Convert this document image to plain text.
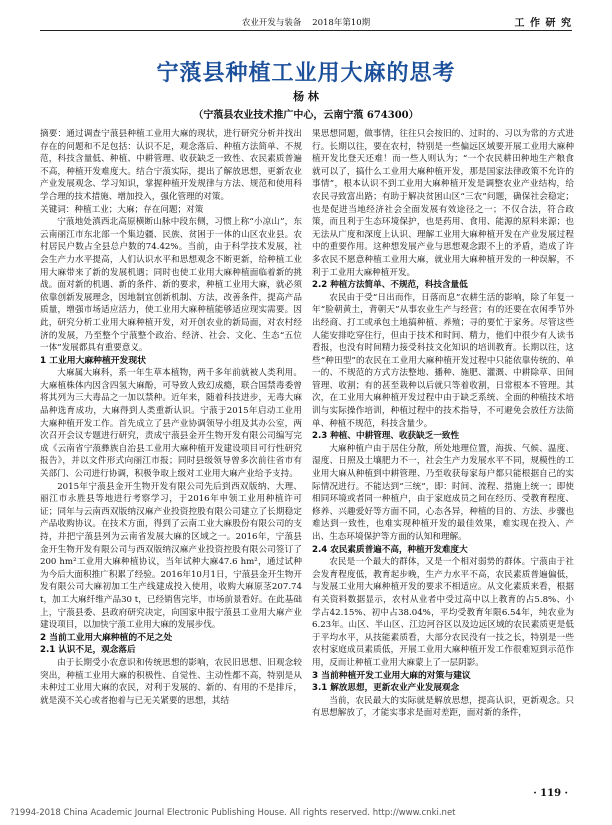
农业开发与装备 2018年第10期	工 作 研 究
宁蒗县种植工业用大麻的思考
杨 林
（宁蒗县农业技术推广中心，云南宁蒗 674300）

摘要：通过调查宁蒗县种植工业用大麻的现状，进行研究分析并找出存在的问题和不足包括：认识不足，观念落后、种植方法简单、不规范，科技含量低、种植、中耕管理、收获缺乏一致性、农民素质普遍不高，种植开发难度大。结合宁蒗实际，提出了解放思想，更新农业产业发展观念、学习知识，掌握种植开发规律与方法、规范和使用科学合理的技术措施、增加投入，强化管理的对策。

关键词：种植工业；大麻；存在问题；对策

宁蒗地处滇西北高原横断山脉中段东侧，习惯上称“小凉山”，东云南丽江市东北部一个集边疆、民族、贫困于一体的山区农业县。农村居民户数占全县总户数的74.42%。当前，由于科学技术发展，社会生产力水平提高，人们认识水平和思想观念不断更新，给种植工业用大麻带来了新的发展机遇；同时也使工业用大麻种植面临着新的挑战。面对新的机遇、新的条件、新的要求，种植工业用大麻，就必须依靠创新发展理念，因地制宜创新机制、方法，改善条件，提高产品质量，增强市场适应活力，使工业用大麻种植能够适应现实需要。因此，研究分析工业用大麻种植开发，对开创农业的新局面，对农村经济的发展，乃至整个宁蒗整个政治、经济、社会、文化、生态“五位一体”发展都具有重要意义。

1 工业用大麻种植开发现状

大麻属大麻科，系一年生草本植物，两千多年前就被人类利用。大麻植株体内因含四氢大麻酚，可导致人致幻成瘾，联合国禁毒委曾将其列为三大毒品之一加以禁种。近年来，随着科技进步，无毒大麻品种选育成功，大麻得到人类重新认识。宁蒗于2015年启动工业用大麻种植开发工作。首先成立了县产业协调领导小组及其办公室，两次召开会议专题进行研究，责成宁蒗县金开生物开发有限公司编写完成《云南省宁蒗彝族自治县工业用大麻种植开发建设项目可行性研究报告》，并以文件形式向丽江市报；同时县级领导曾多次前往省市有关部门、公司进行协调，积极争取上级对工业用大麻产业给予支持。

2015年宁蒗县金开生物开发有限公司先后到西双版纳、大理、丽江市永胜县等地进行考察学习，于2016年申领工业用种植许可证；同年与云南西双版纳汉麻产业投资控股有限公司建立了长期稳定产品收购协议。在技术方面，得到了云南工业大麻股份有限公司的支持，并把宁蒗县列为云南省发展大麻的区域之一。2016年，宁蒗县金开生物开发有限公司与西双版纳汉麻产业投资控股有限公司签订了200 hm²工业用大麻种植协议，当年试种大麻47.6 hm²，通过试种为今后大面积推广积累了经验。2016年10月1日，宁蒗县金开生物开发有限公司大麻初加工生产线建成投入使用，收购大麻原茎207.74 t，加工大麻纤维产品30 t，已经销售完毕，市场前景看好。在此基础上，宁蒗县委、县政府研究决定，向国家申报宁蒗县工业用大麻产业建设项目，以加快宁蒗工业用大麻的发展步伐。

2 当前工业用大麻种植的不足之处

2.1 认识不足，观念落后

由于长期受小农意识和传统思想的影响，农民旧思想、旧观念较突出，种植工业用大麻的积极性、自觉性、主动性都不高，特别是从未种过工业用大麻的农民，对利于发展的、新的、有用的不是排斥，就是漠不关心或者抱着与已无关紧要的思想，其结

果思想同题，做事情，往往只会按旧的、过时的、习以为常的方式进行。长期以往，要在农村，特别是一些偏远区域要开展工业用大麻种植开发比登天还难！而一些人则认为；“一个农民耕田种地生产粮食就可以了，搞什么工业用大麻种植开发，那是国家法律政策不允许的事情”，根本认识不到工业用大麻种植开发是调整农业产业结构，给农民寻致富出路；有助于解决贫困山区“三农”问题，确保社会稳定；也是促进当地经济社会全面发展有效途径之一；不仅合法，符合政策，而且利于生态环境保护，也是药用、食用、能源的原料来源；也无法从广度和深度上认识、理解工业用大麻种植开发在产业发展过程中的重要作用。这种想发展产业与思想观念跟不上的矛盾，造成了许多农民不愿意种植工业用大麻，就业用大麻种植开发的一种误解，不利于工业用大麻种植开发。

2.2 种植方法简单、不规范，科技含量低

农民由于受“日出而作，日落而息”农耕生活的影响，除了年复一年“脸朝黄土，背朝天”从事农业生产与经营；有的还要在农闲季节外出经商、打工或承包土地搞种植、养殖；寻的要忙于家务。尽管这些人能安排吃穿住行，但由于技术和时间、精力，他们中很少有人读书看报，也没有时间精力接受科技文化知识的培训教育。长期以往，这些“种田型”的农民在工业用大麻种植开发过程中只能依靠传统的、单一的、不规范的方式方法整地、播种、施肥、灌溉、中耕除草、田间管理、收割；有的甚至栽种以后就只等着收割，日常根本不管理。其次，在工业用大麻种植开发过程中由于缺乏系统、全面的种植技术培训与实际操作培训，种植过程中的技术指导，不可避免会放任方法简单、种植不规范，科技含量少。

2.3 种植、中耕管理、收获缺乏一致性

大麻种植户由于居住分散，所处地理位置，海拔、气候、温度、湿度、日照及土壤肥力不一，社会生产力发展水平不同，规模性的工业用大麻从种植到中耕管理、乃至收获每家每户都只能根据自己的实际情况进行。不能达到“三统”，即：时间、流程、措施上统一；即使相同环境或者同一种植户，由于家庭成员之间在经历、受教育程度、修养、兴趣爱好等方面不同，心态各异，种植的目的、方法、步骤也难达到一致性，也难实现种植开发的最佳效果，难实现在投入、产出、生态环境保护等方面的认知和理解。

2.4 农民素质普遍不高，种植开发难度大

农民是一个最大的群体，又是一个相对弱势的群体。宁蒗由于社会发育程度低，教育起步晚，生产力水平不高，农民素质普遍偏低，与发展工业用大麻种植开发的要求不相适应。从文化素质来看，根据有关资料数据显示，农村从业者中受过高中以上教育的占5.8%、小学占42.15%、初中占38.04%，平均受教育年限6.54年，纯农业为6.23年。山区、半山区、江边河谷区以及边远区域的农民素质更是低于平均水平，从技能素质看，大部分农民没有一技之长，特别是一些农村家庭成员素质低，开展工业用大麻种植开发工作很难短到示范作用，反而让种植工业用大麻蒙上了一层阴影。

3 当前种植开发工业用大麻的对策与建议

3.1 解放思想，更新农业产业发展观念

当前，农民最大的实际就是解放思想，提高认识，更新观念。只有思想解放了，才能实事求是面对差距，面对新的条件，

· 119 ·
?1994-2018 China Academic Journal Electronic Publishing House. All rights reserved. http://www.cnki.net
